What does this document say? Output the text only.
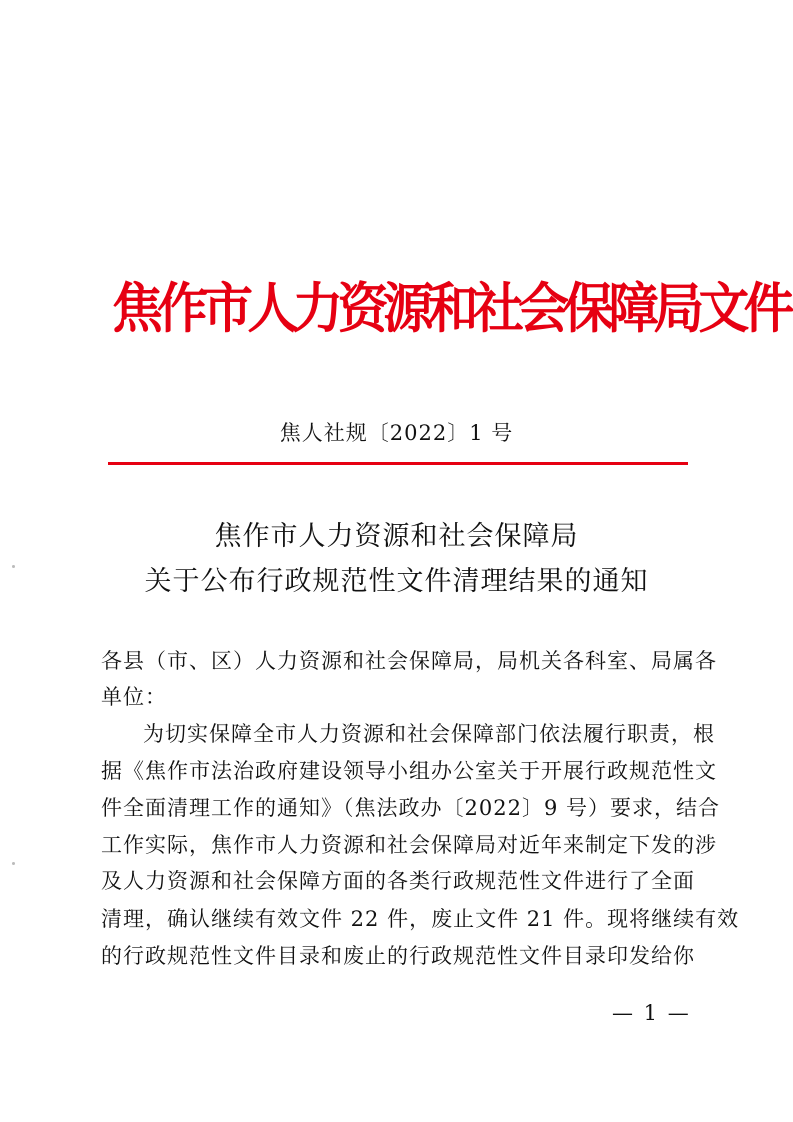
焦作市人力资源和社会保障局文件
焦人社规〔2022〕1 号
焦作市人力资源和社会保障局
关于公布行政规范性文件清理结果的通知
各县（市、区）人力资源和社会保障局，局机关各科室、局属各
单位：
为切实保障全市人力资源和社会保障部门依法履行职责，根
据《焦作市法治政府建设领导小组办公室关于开展行政规范性文
件全面清理工作的通知》（焦法政办〔2022〕9 号）要求，结合
工作实际，焦作市人力资源和社会保障局对近年来制定下发的涉
及人力资源和社会保障方面的各类行政规范性文件进行了全面
清理，确认继续有效文件 22 件，废止文件 21 件。现将继续有效
的行政规范性文件目录和废止的行政规范性文件目录印发给你
— 1 —
